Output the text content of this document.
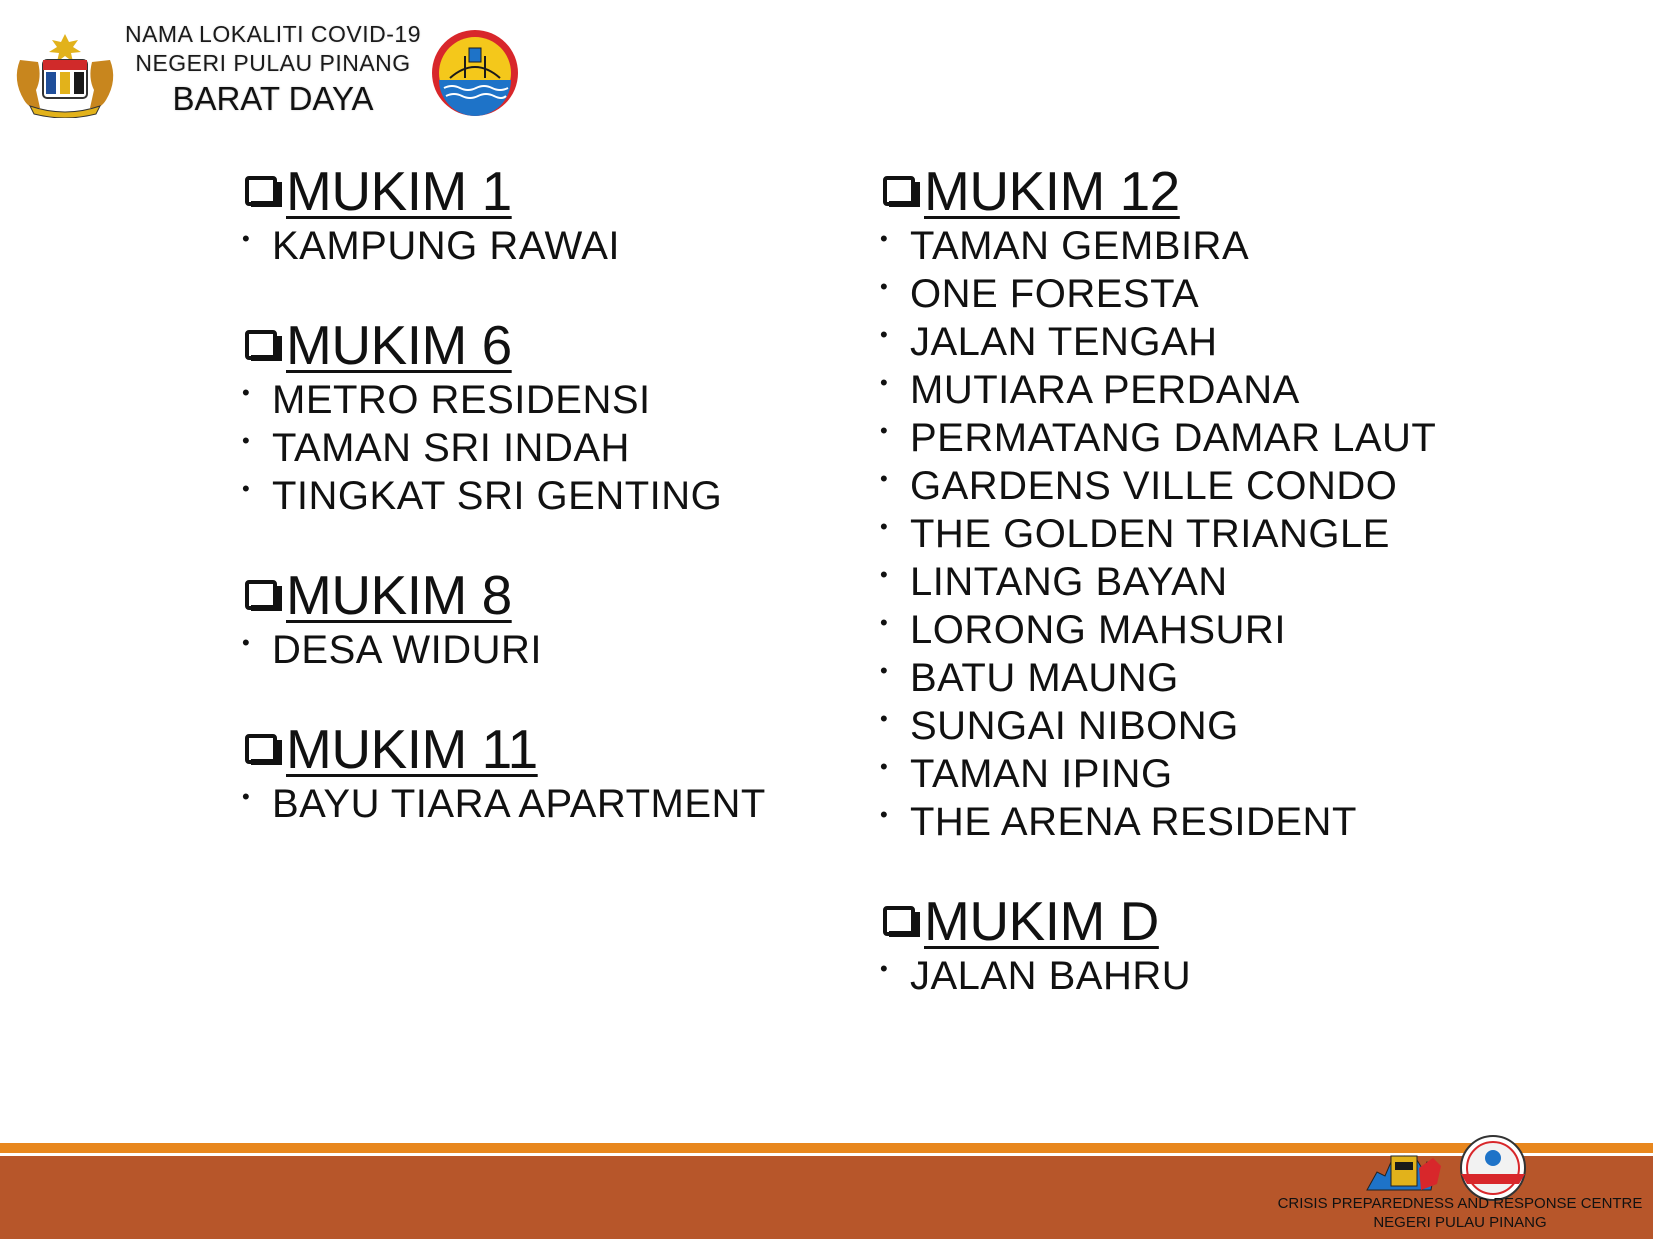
NAMA LOKALITI COVID-19
NEGERI PULAU PINANG
BARAT DAYA
MUKIM 1
• KAMPUNG RAWAI
MUKIM 6
• METRO RESIDENSI
• TAMAN SRI INDAH
• TINGKAT SRI GENTING
MUKIM 8
• DESA WIDURI
MUKIM 11
• BAYU TIARA APARTMENT
MUKIM 12
• TAMAN GEMBIRA
• ONE FORESTA
• JALAN TENGAH
• MUTIARA PERDANA
• PERMATANG DAMAR LAUT
• GARDENS VILLE CONDO
• THE GOLDEN TRIANGLE
• LINTANG BAYAN
• LORONG MAHSURI
• BATU MAUNG
• SUNGAI NIBONG
• TAMAN IPING
• THE ARENA RESIDENT
MUKIM D
• JALAN BAHRU
CRISIS PREPAREDNESS AND RESPONSE CENTRE
NEGERI PULAU PINANG
